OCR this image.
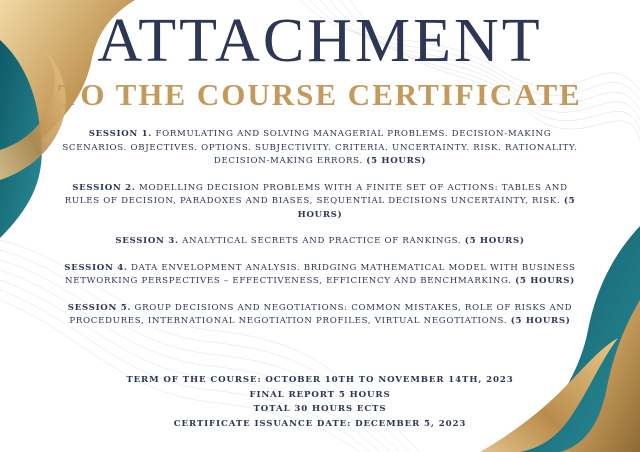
ATTACHMENT
TO THE COURSE CERTIFICATE
SESSION 1. FORMULATING AND SOLVING MANAGERIAL PROBLEMS. DECISION-MAKING SCENARIOS. OBJECTIVES. OPTIONS. SUBJECTIVITY. CRITERIA. UNCERTAINTY. RISK. RATIONALITY. DECISION-MAKING ERRORS. (5 HOURS)
SESSION 2. MODELLING DECISION PROBLEMS WITH A FINITE SET OF ACTIONS: TABLES AND RULES OF DECISION, PARADOXES AND BIASES, SEQUENTIAL DECISIONS UNCERTAINTY, RISK. (5 HOURS)
SESSION 3. ANALYTICAL SECRETS AND PRACTICE OF RANKINGS. (5 HOURS)
SESSION 4. DATA ENVELOPMENT ANALYSIS. BRIDGING MATHEMATICAL MODEL WITH BUSINESS NETWORKING PERSPECTIVES – EFFECTIVENESS, EFFICIENCY AND BENCHMARKING. (5 HOURS)
SESSION 5. GROUP DECISIONS AND NEGOTIATIONS: COMMON MISTAKES, ROLE OF RISKS AND PROCEDURES, INTERNATIONAL NEGOTIATION PROFILES, VIRTUAL NEGOTIATIONS. (5 HOURS)
TERM OF THE COURSE: OCTOBER 10TH TO NOVEMBER 14TH, 2023
FINAL REPORT 5 HOURS
TOTAL 30 HOURS ECTS
CERTIFICATE ISSUANCE DATE: DECEMBER 5, 2023
